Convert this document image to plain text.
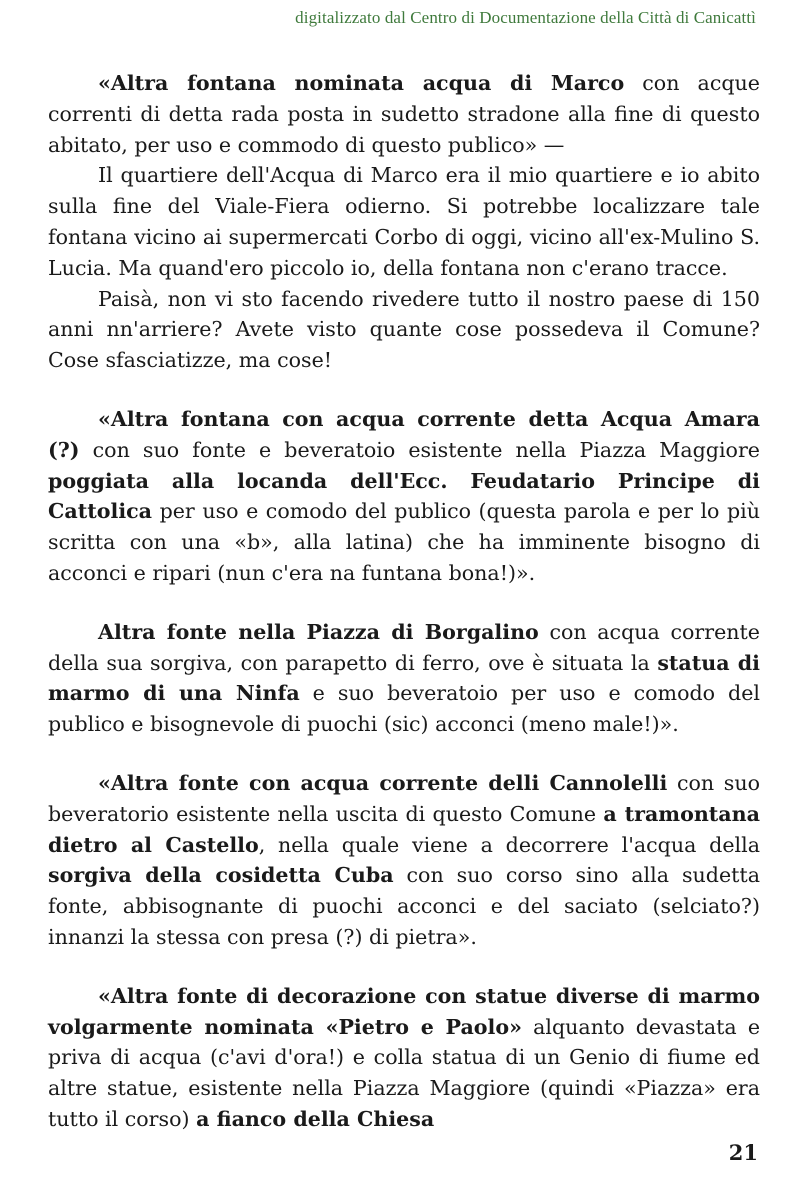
digitalizzato dal Centro di Documentazione della Città di Canicattì

«Altra fontana nominata acqua di Marco con acque correnti di detta rada posta in sudetto stradone alla fine di questo abitato, per uso e commodo di questo publico» —

Il quartiere dell'Acqua di Marco era il mio quartiere e io abito sulla fine del Viale-Fiera odierno. Si potrebbe localizzare tale fontana vicino ai supermercati Corbo di oggi, vicino all'ex-Mulino S. Lucia. Ma quand'ero piccolo io, della fontana non c'erano tracce.

Paisà, non vi sto facendo rivedere tutto il nostro paese di 150 anni nn'arriere? Avete visto quante cose possedeva il Comune? Cose sfasciatizze, ma cose!

«Altra fontana con acqua corrente detta Acqua Amara (?) con suo fonte e beveratoio esistente nella Piazza Maggiore poggiata alla locanda dell'Ecc. Feudatario Principe di Cattolica per uso e comodo del publico (questa parola e per lo più scritta con una «b», alla latina) che ha imminente bisogno di acconci e ripari (nun c'era na funtana bona!)».

Altra fonte nella Piazza di Borgalino con acqua corrente della sua sorgiva, con parapetto di ferro, ove è situata la statua di marmo di una Ninfa e suo beveratoio per uso e comodo del publico e bisognevole di puochi (sic) acconci (meno male!)».

«Altra fonte con acqua corrente delli Cannolelli con suo beveratorio esistente nella uscita di questo Comune a tramontana dietro al Castello, nella quale viene a decorrere l'acqua della sorgiva della cosidetta Cuba con suo corso sino alla sudetta fonte, abbisognante di puochi acconci e del saciato (selciato?) innanzi la stessa con presa (?) di pietra».

«Altra fonte di decorazione con statue diverse di marmo volgarmente nominata «Pietro e Paolo» alquanto devastata e priva di acqua (c'avi d'ora!) e colla statua di un Genio di fiume ed altre statue, esistente nella Piazza Maggiore (quindi «Piazza» era tutto il corso) a fianco della Chiesa

21
